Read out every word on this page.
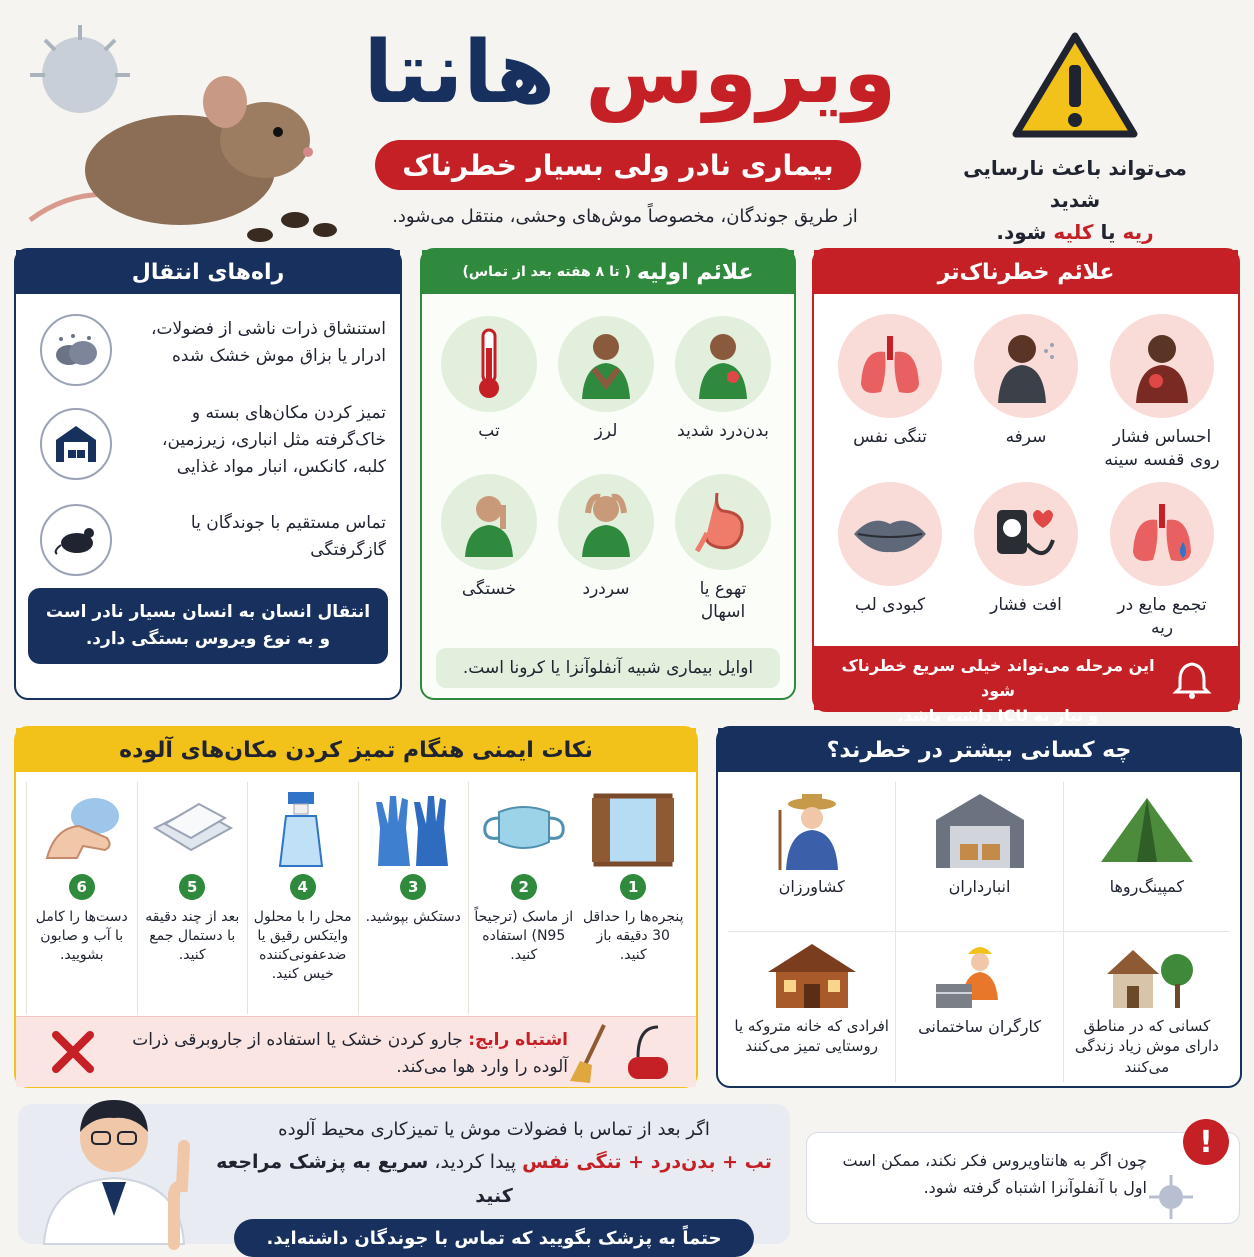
ویروس هانتا
بیماری نادر ولی بسیار خطرناک
از طریق جوندگان، مخصوصاً موش‌های وحشی، منتقل می‌شود.
می‌تواند باعث نارسایی شدید
ریه یا کلیه شود.
راه‌های انتقال
استنشاق ذرات ناشی از فضولات، ادرار یا بزاق موش خشک شده
تمیز کردن مکان‌های بسته و خاک‌گرفته مثل انباری، زیرزمین، کلبه، کانکس، انبار مواد غذایی
تماس مستقیم با جوندگان یا گازگرفتگی
انتقال انسان به انسان بسیار نادر است و به نوع ویروس بستگی دارد.
علائم اولیه
( تا ۸ هفته بعد از تماس)
بدن‌درد شدید
لرز
تب
تهوع یا اسهال
سردرد
خستگی
اوایل بیماری شبیه آنفلوآنزا یا کرونا است.
علائم خطرناک‌تر
احساس فشار روی قفسه سینه
سرفه
تنگی نفس
تجمع مایع در ریه
افت فشار
کبودی لب
این مرحله می‌تواند خیلی سریع خطرناک شود
و نیاز به ICU داشته باشد.
نکات ایمنی هنگام تمیز کردن مکان‌های آلوده
6
دست‌ها را کامل با آب و صابون بشویید.
5
بعد از چند دقیقه با دستمال جمع کنید.
4
محل را با محلول وایتکس رقیق یا ضدعفونی‌کننده خیس کنید.
3
دستکش بپوشید.
2
از ماسک (ترجیحاً N95) استفاده کنید.
1
پنجره‌ها را حداقل 30 دقیقه باز کنید.
اشتباه رایج: جارو کردن خشک یا استفاده از جاروبرقی ذرات آلوده را وارد هوا می‌کند.
چه کسانی بیشتر در خطرند؟
کمپینگ‌روها
انبارداران
کشاورزان
کسانی که در مناطق دارای موش زیاد زندگی می‌کنند
کارگران ساختمانی
افرادی که خانه متروکه یا روستایی تمیز می‌کنند
اگر بعد از تماس با فضولات موش یا تمیزکاری محیط آلوده
تب + بدن‌درد + تنگی نفس پیدا کردید، سریع به پزشک مراجعه کنید
حتماً به پزشک بگویید که تماس با جوندگان داشته‌اید.
!
چون اگر به هانتاویروس فکر نکند، ممکن است اول با آنفلوآنزا اشتباه گرفته شود.
